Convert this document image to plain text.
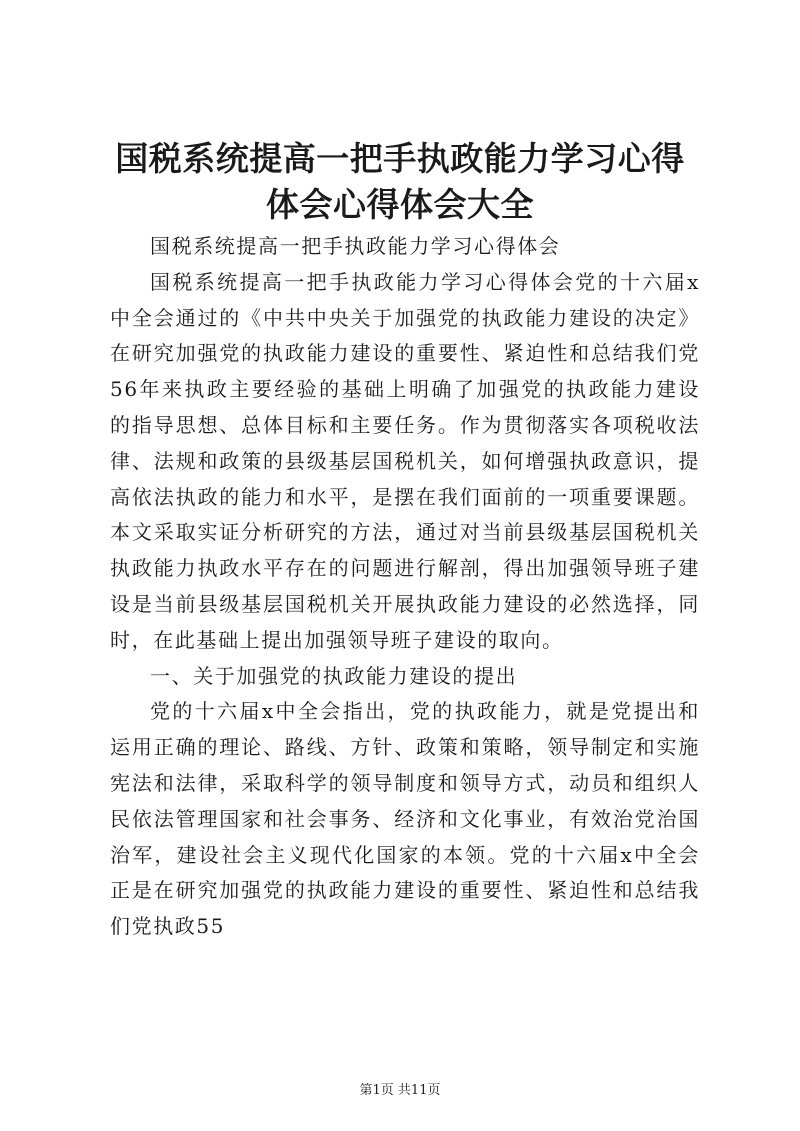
国税系统提高一把手执政能力学习心得体会心得体会大全

国税系统提高一把手执政能力学习心得体会

国税系统提高一把手执政能力学习心得体会党的十六届x中全会通过的《中共中央关于加强党的执政能力建设的决定》在研究加强党的执政能力建设的重要性、紧迫性和总结我们党56年来执政主要经验的基础上明确了加强党的执政能力建设的指导思想、总体目标和主要任务。作为贯彻落实各项税收法律、法规和政策的县级基层国税机关，如何增强执政意识，提高依法执政的能力和水平，是摆在我们面前的一项重要课题。本文采取实证分析研究的方法，通过对当前县级基层国税机关执政能力执政水平存在的问题进行解剖，得出加强领导班子建设是当前县级基层国税机关开展执政能力建设的必然选择，同时，在此基础上提出加强领导班子建设的取向。

一、关于加强党的执政能力建设的提出

党的十六届x中全会指出，党的执政能力，就是党提出和运用正确的理论、路线、方针、政策和策略，领导制定和实施宪法和法律，采取科学的领导制度和领导方式，动员和组织人民依法管理国家和社会事务、经济和文化事业，有效治党治国治军，建设社会主义现代化国家的本领。党的十六届x中全会正是在研究加强党的执政能力建设的重要性、紧迫性和总结我们党执政55

第1页 共11页
